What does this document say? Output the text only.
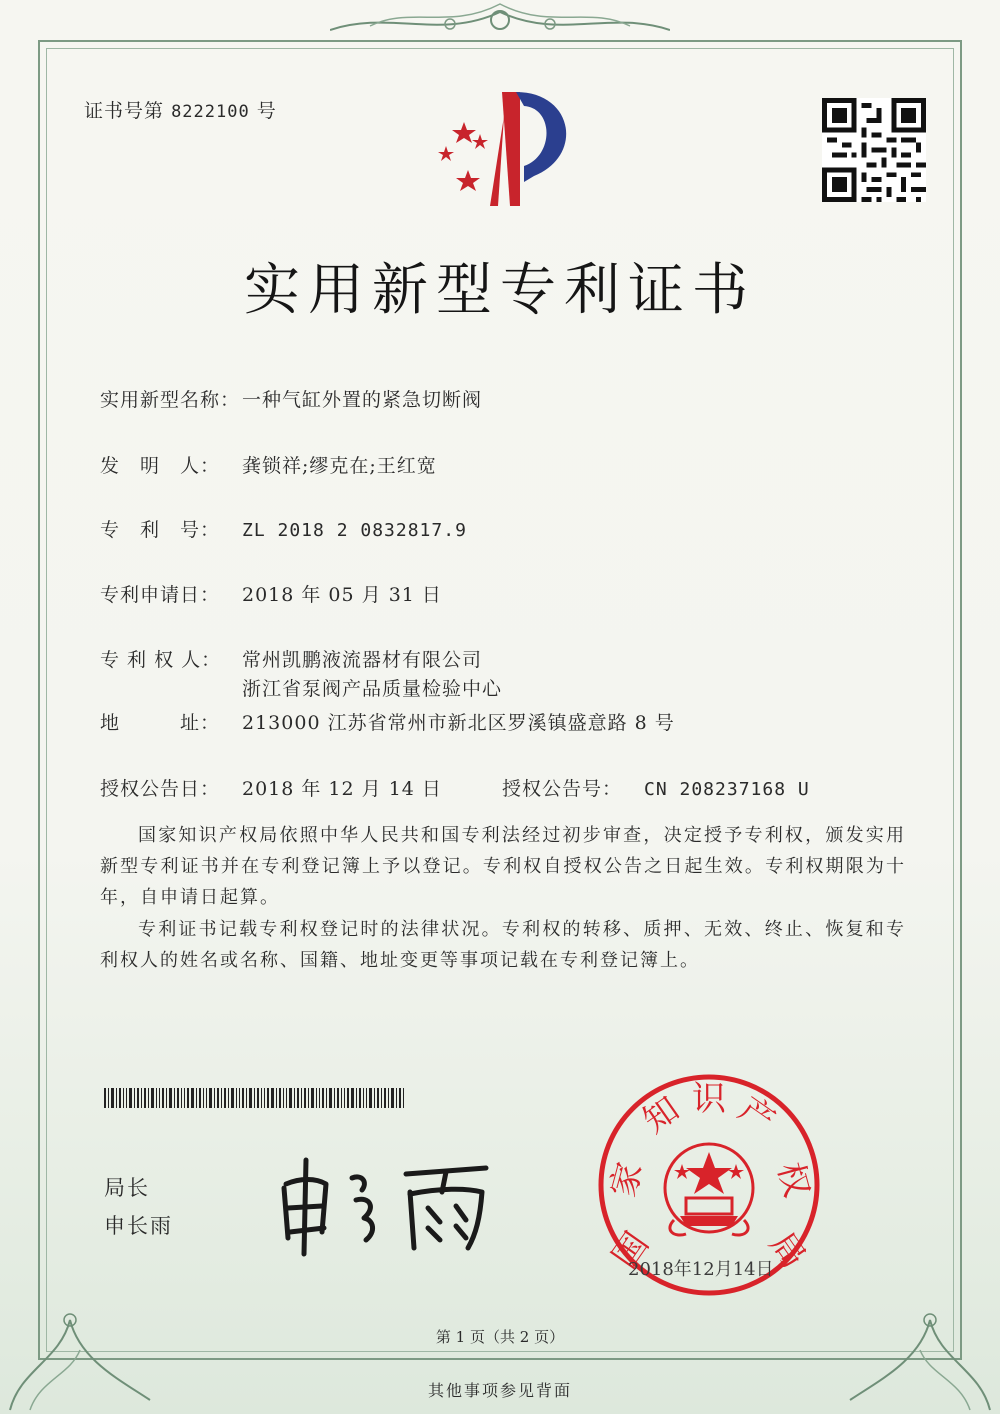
证书号第 8222100 号
实用新型专利证书
实用新型名称： 一种气缸外置的紧急切断阀
发　明　人： 龚锁祥;缪克在;王红宽
专　利　号： ZL 2018 2 0832817.9
专利申请日： 2018 年 05 月 31 日
专 利 权 人： 常州凯鹏液流器材有限公司
浙江省泵阀产品质量检验中心
地　　　址： 213000 江苏省常州市新北区罗溪镇盛意路 8 号
授权公告日： 2018 年 12 月 14 日	授权公告号： CN 208237168 U
国家知识产权局依照中华人民共和国专利法经过初步审查，决定授予专利权，颁发实用新型专利证书并在专利登记簿上予以登记。专利权自授权公告之日起生效。专利权期限为十年，自申请日起算。
专利证书记载专利权登记时的法律状况。专利权的转移、质押、无效、终止、恢复和专利权人的姓名或名称、国籍、地址变更等事项记载在专利登记簿上。
局长
申长雨	国
家
知 识 产
权
局
2018年12月14日
第 1 页（共 2 页）
其他事项参见背面
